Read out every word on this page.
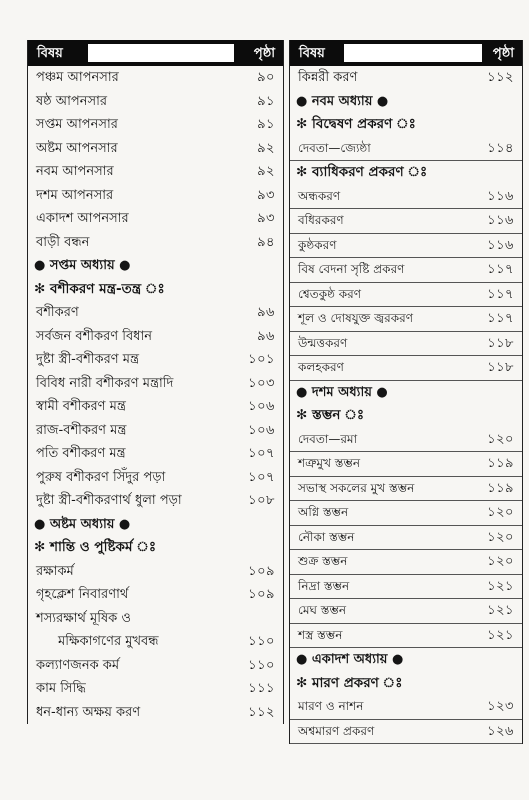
বিষয়	পৃষ্ঠা
পঞ্চম আপনসার	৯০
ষষ্ঠ আপনসার	৯১
সপ্তম আপনসার	৯১
অষ্টম আপনসার	৯২
নবম আপনসার	৯২
দশম আপনসার	৯৩
একাদশ আপনসার	৯৩
বাড়ী বন্ধন	৯৪
● সপ্তম অধ্যায় ●
✻ বশীকরণ মন্ত্র-তন্ত্র ঃ
বশীকরণ	৯৬
সর্বজন বশীকরণ বিধান	৯৬
দুষ্টা স্ত্রী-বশীকরণ মন্ত্র	১০১
বিবিধ নারী বশীকরণ মন্ত্রাদি	১০৩
স্বামী বশীকরণ মন্ত্র	১০৬
রাজ-বশীকরণ মন্ত্র	১০৬
পতি বশীকরণ মন্ত্র	১০৭
পুরুষ বশীকরণ সিঁদুর পড়া	১০৭
দুষ্টা স্ত্রী-বশীকরণার্থ ধুলা পড়া	১০৮
● অষ্টম অধ্যায় ●
✻ শান্তি ও পুষ্টিকর্ম ঃ
রক্ষাকর্ম	১০৯
গৃহক্লেশ নিবারণার্থ	১০৯
শস্যরক্ষার্থ মূষিক ও
মক্ষিকাগণের মুখবন্ধ	১১০
কল্যাণজনক কর্ম	১১০
কাম সিদ্ধি	১১১
ধন-ধান্য অক্ষয় করণ	১১২
বিষয়	পৃষ্ঠা
কিন্নরী করণ	১১২
● নবম অধ্যায় ●
✻ বিদ্বেষণ প্রকরণ ঃ
দেবতা—জ্যেষ্ঠা	১১৪
✻ ব্যাধিকরণ প্রকরণ ঃ
অন্ধকরণ	১১৬
বধিরকরণ	১১৬
কুষ্ঠকরণ	১১৬
বিষ বেদনা সৃষ্টি প্রকরণ	১১৭
শ্বেতকুষ্ঠ করণ	১১৭
শূল ও দোষযুক্ত জ্বরকরণ	১১৭
উন্মত্তকরণ	১১৮
কলহকরণ	১১৮
● দশম অধ্যায় ●
✻ স্তম্ভন ঃ
দেবতা—রমা	১২০
শত্রুমুখ স্তম্ভন	১১৯
সভাস্থ সকলের মুখ স্তম্ভন	১১৯
অগ্নি স্তম্ভন	১২০
নৌকা স্তম্ভন	১২০
শুক্র স্তম্ভন	১২০
নিদ্রা স্তম্ভন	১২১
মেঘ স্তম্ভন	১২১
শস্ত্র স্তম্ভন	১২১
● একাদশ অধ্যায় ●
✻ মারণ প্রকরণ ঃ
মারণ ও নাশন	১২৩
অশ্বমারণ প্রকরণ	১২৬
